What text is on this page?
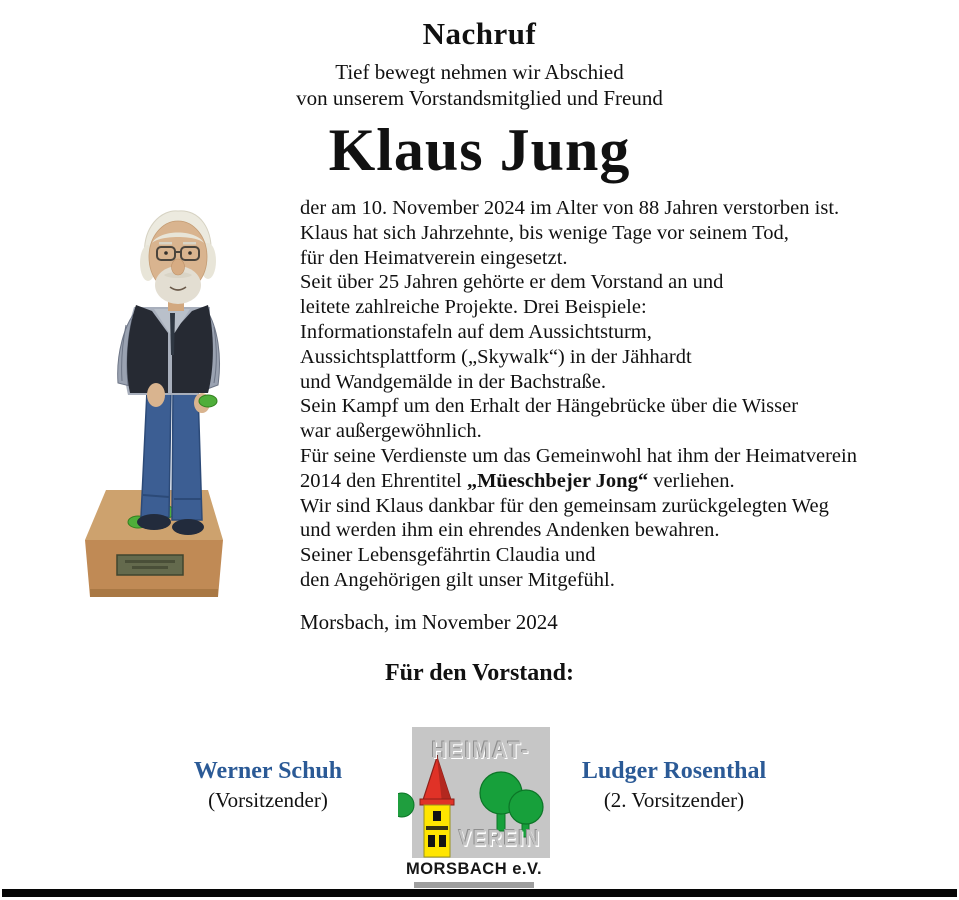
Nachruf
Tief bewegt nehmen wir Abschied
von unserem Vorstandsmitglied und Freund
Klaus Jung
der am 10. November 2024 im Alter von 88 Jahren verstorben ist.
Klaus hat sich Jahrzehnte, bis wenige Tage vor seinem Tod,
für den Heimatverein eingesetzt.
Seit über 25 Jahren gehörte er dem Vorstand an und
leitete zahlreiche Projekte. Drei Beispiele:
Informationstafeln auf dem Aussichtsturm,
Aussichtsplattform („Skywalk“) in der Jähhardt
und Wandgemälde in der Bachstraße.
Sein Kampf um den Erhalt der Hängebrücke über die Wisser
war außergewöhnlich.
Für seine Verdienste um das Gemeinwohl hat ihm der Heimatverein
2014 den Ehrentitel „Müeschbejer Jong“ verliehen.
Wir sind Klaus dankbar für den gemeinsam zurückgelegten Weg
und werden ihm ein ehrendes Andenken bewahren.
Seiner Lebensgefährtin Claudia und
den Angehörigen gilt unser Mitgefühl.
Morsbach, im November 2024
Für den Vorstand:
Werner Schuh
(Vorsitzender)
Ludger Rosenthal
(2. Vorsitzender)
HEIMAT-
VEREIN
MORSBACH e.V.
